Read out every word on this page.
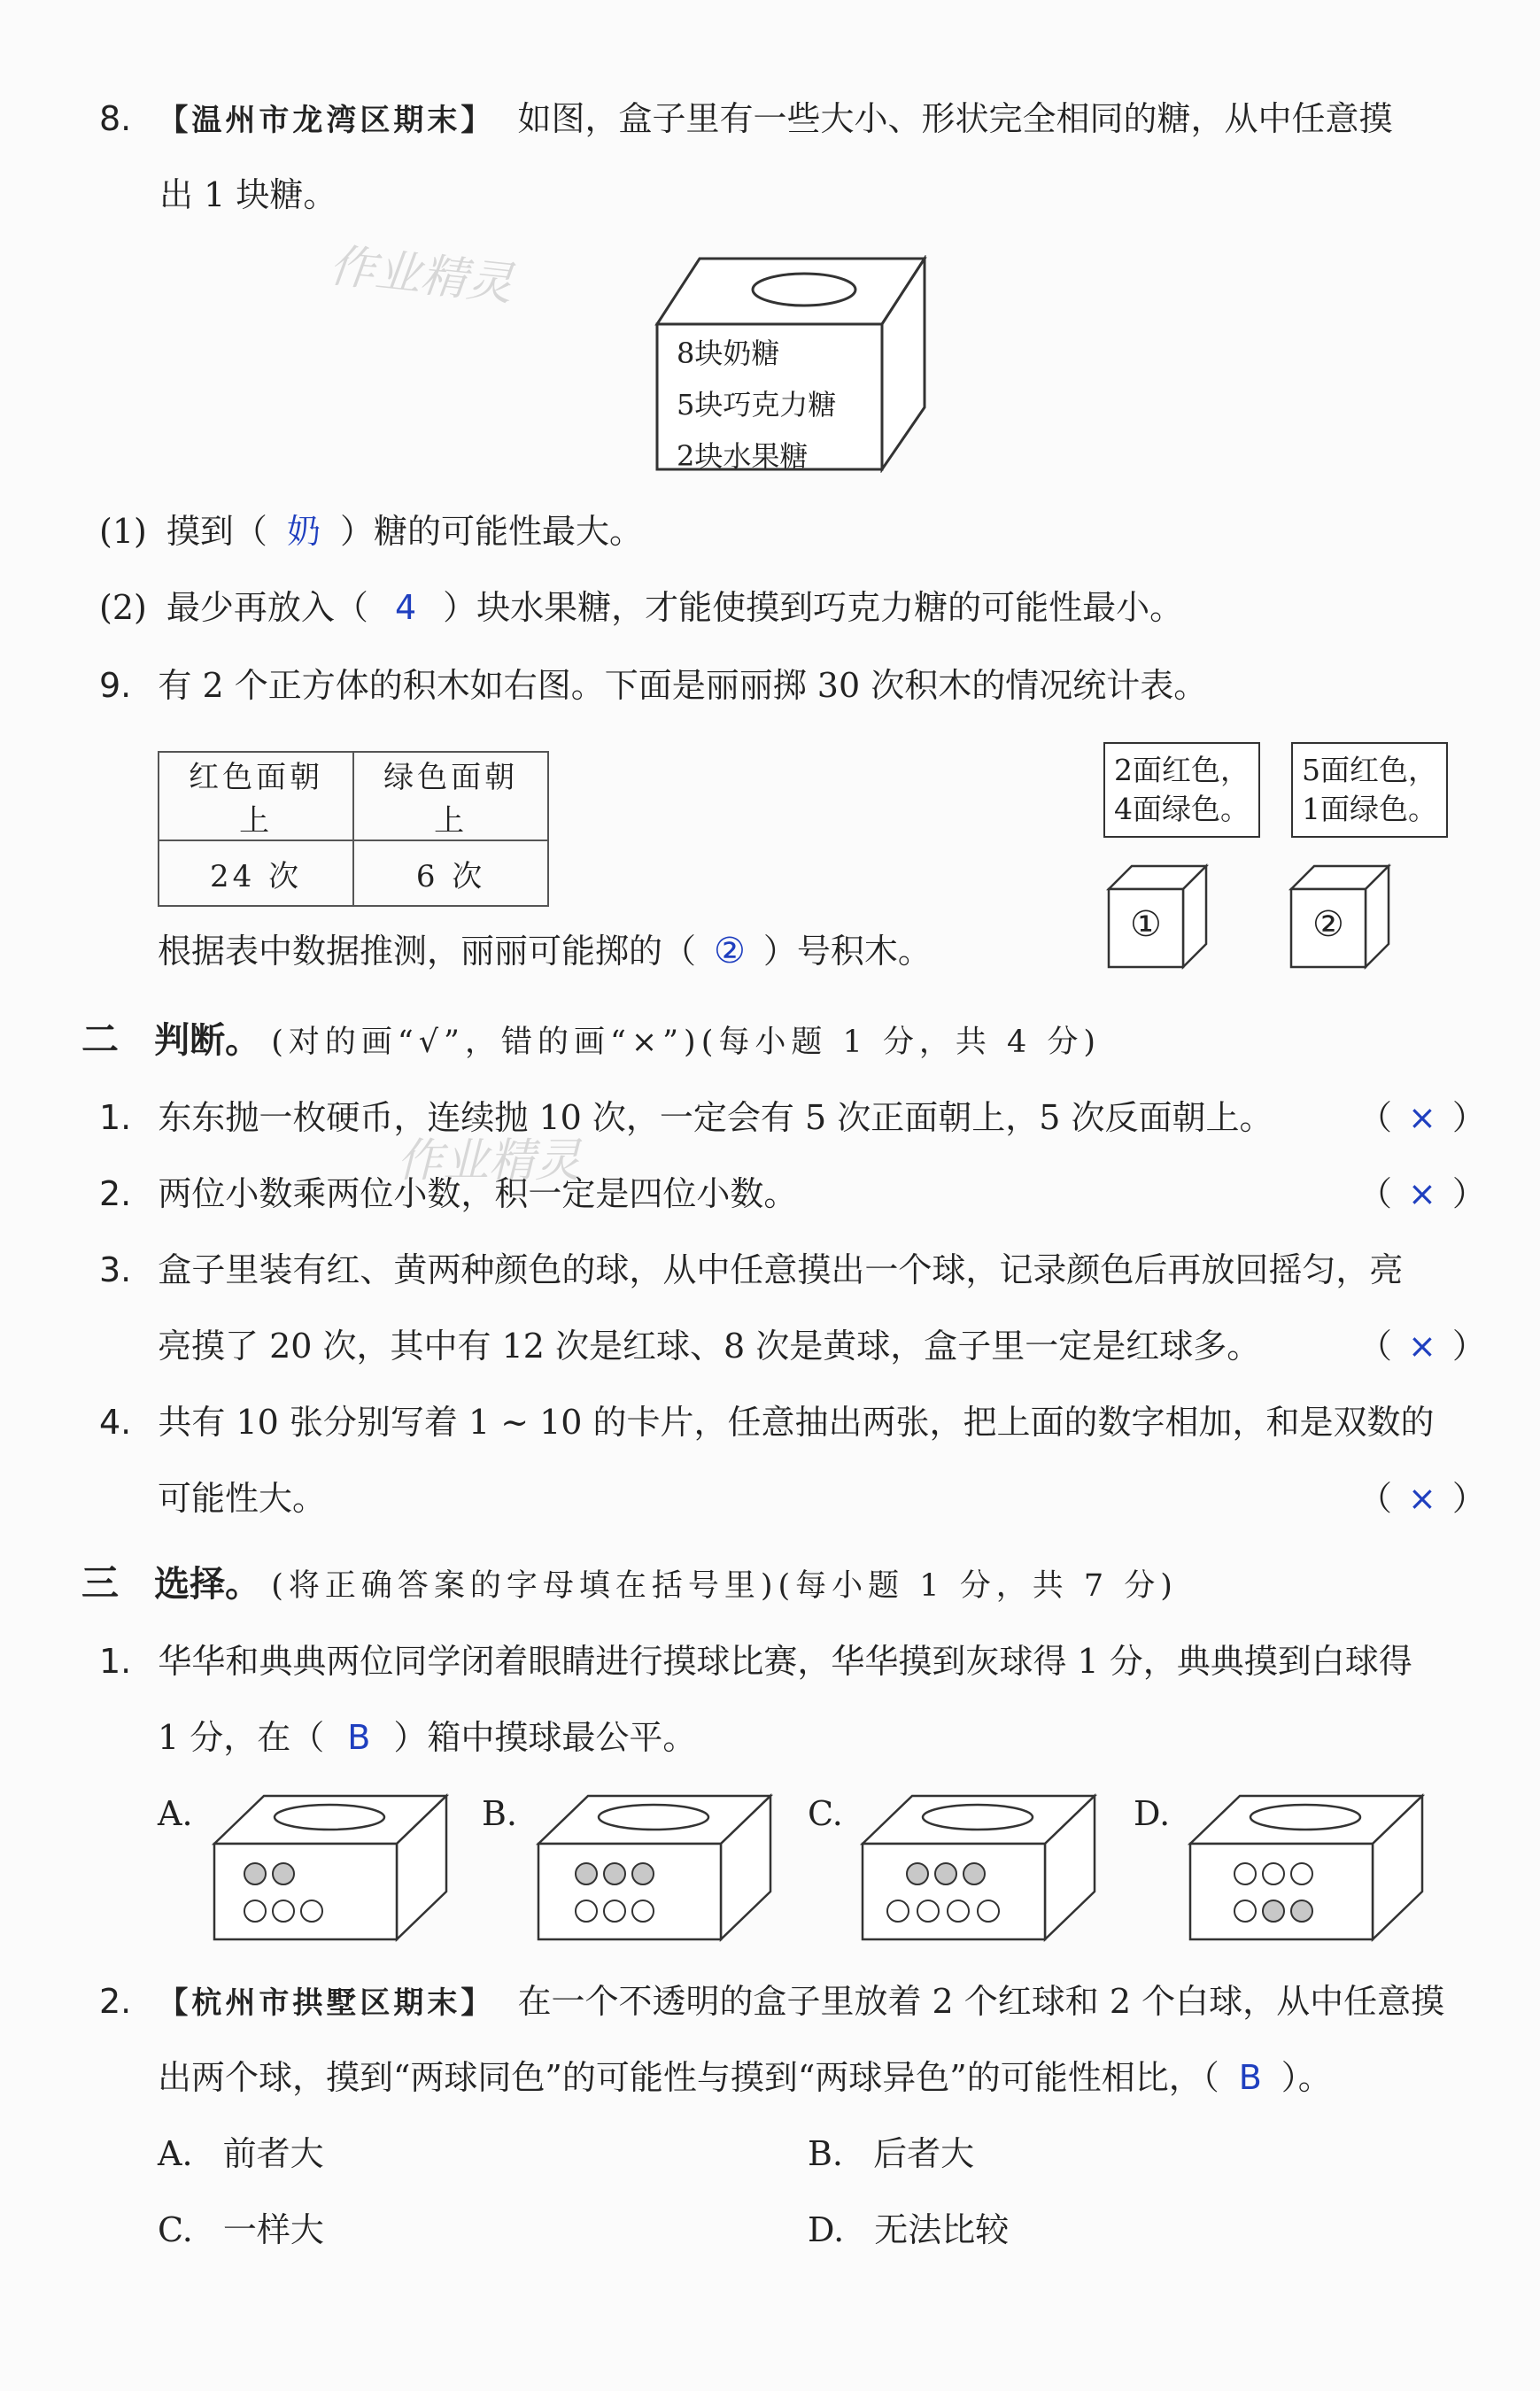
8. 【温州市龙湾区期末】 如图，盒子里有一些大小、形状完全相同的糖，从中任意摸
出 1 块糖。
作业精灵
8块奶糖
5块巧克力糖
2块水果糖
(1) 摸到（ 奶 ）糖的可能性最大。
(2) 最少再放入（ 4 ）块水果糖，才能使摸到巧克力糖的可能性最小。
9. 有 2 个正方体的积木如右图。下面是丽丽掷 30 次积木的情况统计表。
红色面朝上	绿色面朝上
24 次	6 次
2面红色，
4面绿色。
①
5面红色，
1面绿色。
②
根据表中数据推测，丽丽可能掷的（ ② ）号积木。
二 判断。 (对的画“√”，错的画“×”)(每小题 1 分，共 4 分)
1. 东东抛一枚硬币，连续抛 10 次，一定会有 5 次正面朝上，5 次反面朝上。	（ × ）
作业精灵
2. 两位小数乘两位小数，积一定是四位小数。	（ × ）
3. 盒子里装有红、黄两种颜色的球，从中任意摸出一个球，记录颜色后再放回摇匀，亮
亮摸了 20 次，其中有 12 次是红球、8 次是黄球，盒子里一定是红球多。	（ × ）
4. 共有 10 张分别写着 1 ~ 10 的卡片，任意抽出两张，把上面的数字相加，和是双数的
可能性大。	（ × ）
三 选择。 (将正确答案的字母填在括号里)(每小题 1 分，共 7 分)
1. 华华和典典两位同学闭着眼睛进行摸球比赛，华华摸到灰球得 1 分，典典摸到白球得
1 分，在（ B ）箱中摸球最公平。
A.	B.	C.	D.
2. 【杭州市拱墅区期末】 在一个不透明的盒子里放着 2 个红球和 2 个白球，从中任意摸
出两个球，摸到“两球同色”的可能性与摸到“两球异色”的可能性相比，（ B ）。
A. 前者大	B. 后者大
C. 一样大	D. 无法比较
